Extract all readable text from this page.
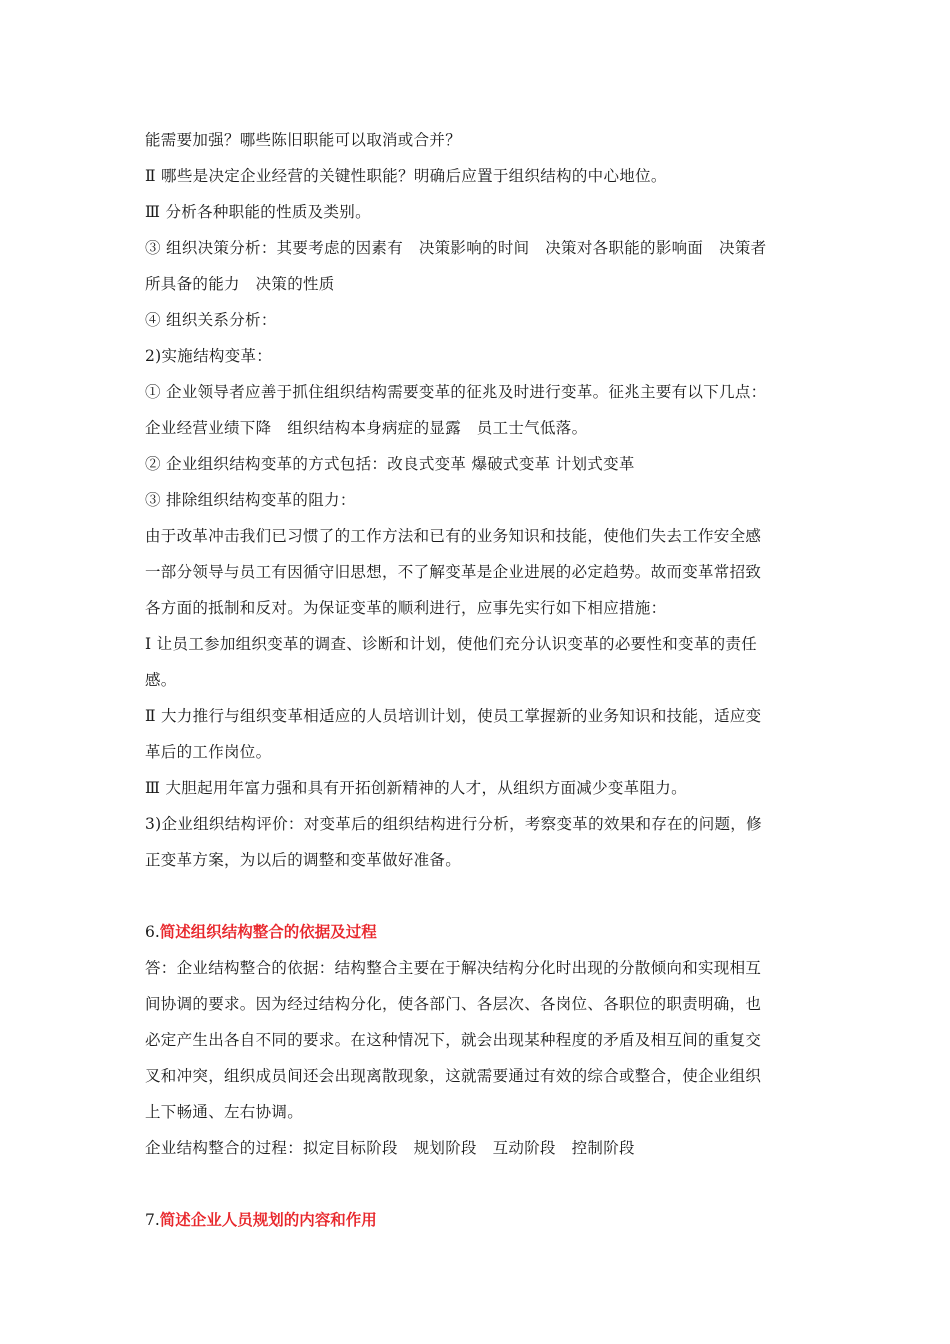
能需要加强？哪些陈旧职能可以取消或合并？
Ⅱ 哪些是决定企业经营的关键性职能？明确后应置于组织结构的中心地位。
Ⅲ 分析各种职能的性质及类别。
③ 组织决策分析：其要考虑的因素有　决策影响的时间　决策对各职能的影响面　决策者
所具备的能力　决策的性质
④ 组织关系分析：
2)实施结构变革：
① 企业领导者应善于抓住组织结构需要变革的征兆及时进行变革。征兆主要有以下几点：
企业经营业绩下降　组织结构本身病症的显露　员工士气低落。
② 企业组织结构变革的方式包括：改良式变革 爆破式变革 计划式变革
③ 排除组织结构变革的阻力：
由于改革冲击我们已习惯了的工作方法和已有的业务知识和技能，使他们失去工作安全感
一部分领导与员工有因循守旧思想，不了解变革是企业进展的必定趋势。故而变革常招致
各方面的抵制和反对。为保证变革的顺利进行，应事先实行如下相应措施：
Ⅰ 让员工参加组织变革的调查、诊断和计划，使他们充分认识变革的必要性和变革的责任
感。
Ⅱ 大力推行与组织变革相适应的人员培训计划，使员工掌握新的业务知识和技能，适应变
革后的工作岗位。
Ⅲ 大胆起用年富力强和具有开拓创新精神的人才，从组织方面减少变革阻力。
3)企业组织结构评价：对变革后的组织结构进行分析，考察变革的效果和存在的问题，修
正变革方案，为以后的调整和变革做好准备。
6.简述组织结构整合的依据及过程
答：企业结构整合的依据：结构整合主要在于解决结构分化时出现的分散倾向和实现相互
间协调的要求。因为经过结构分化，使各部门、各层次、各岗位、各职位的职责明确，也
必定产生出各自不同的要求。在这种情况下，就会出现某种程度的矛盾及相互间的重复交
叉和冲突，组织成员间还会出现离散现象，这就需要通过有效的综合或整合，使企业组织
上下畅通、左右协调。
企业结构整合的过程：拟定目标阶段　规划阶段　互动阶段　控制阶段
7.简述企业人员规划的内容和作用
